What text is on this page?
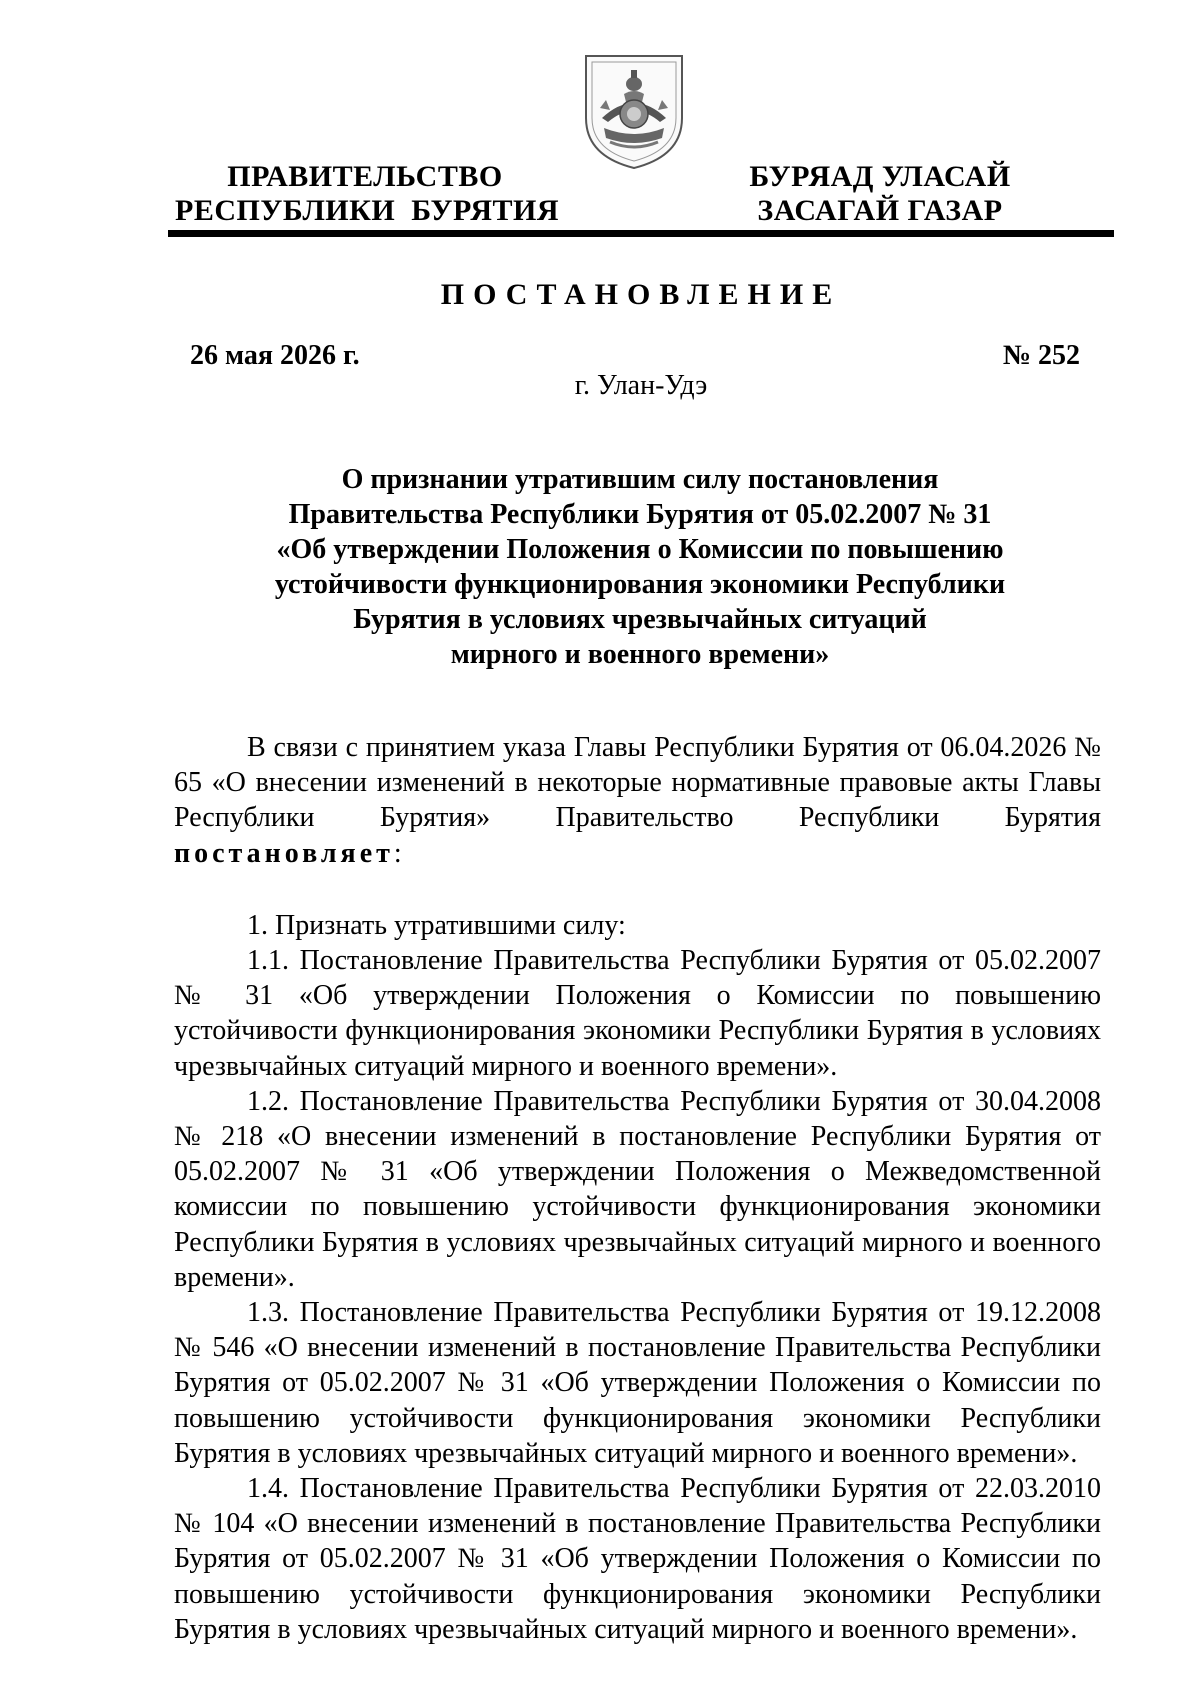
ПРАВИТЕЛЬСТВО
РЕСПУБЛИКИ  БУРЯТИЯ
БУРЯАД УЛАСАЙ
ЗАСАГАЙ ГАЗАР
ПОСТАНОВЛЕНИЕ
26 мая 2026 г.	№ 252
г. Улан-Удэ
О признании утратившим силу постановления
Правительства Республики Бурятия от 05.02.2007 № 31
«Об утверждении Положения о Комиссии по повышению
устойчивости функционирования экономики Республики
Бурятия в условиях чрезвычайных ситуаций
мирного и военного времени»

В связи с принятием указа Главы Республики Бурятия от 06.04.2026 № 65 «О внесении изменений в некоторые нормативные правовые акты Главы Республики Бурятия» Правительство Республики Бурятия постановляет:

1. Признать утратившими силу:

1.1. Постановление Правительства Республики Бурятия от 05.02.2007 № 31 «Об утверждении Положения о Комиссии по повышению устойчивости функционирования экономики Республики Бурятия в условиях чрезвычайных ситуаций мирного и военного времени».

1.2. Постановление Правительства Республики Бурятия от 30.04.2008 № 218 «О внесении изменений в постановление Республики Бурятия от 05.02.2007 № 31 «Об утверждении Положения о Межведомственной комиссии по повышению устойчивости функционирования экономики Республики Бурятия в условиях чрезвычайных ситуаций мирного и военного времени».

1.3. Постановление Правительства Республики Бурятия от 19.12.2008 № 546 «О внесении изменений в постановление Правительства Республики Бурятия от 05.02.2007 № 31 «Об утверждении Положения о Комиссии по повышению устойчивости функционирования экономики Республики Бурятия в условиях чрезвычайных ситуаций мирного и военного времени».

1.4. Постановление Правительства Республики Бурятия от 22.03.2010 № 104 «О внесении изменений в постановление Правительства Республики Бурятия от 05.02.2007 № 31 «Об утверждении Положения о Комиссии по повышению устойчивости функционирования экономики Республики Бурятия в условиях чрезвычайных ситуаций мирного и военного времени».
